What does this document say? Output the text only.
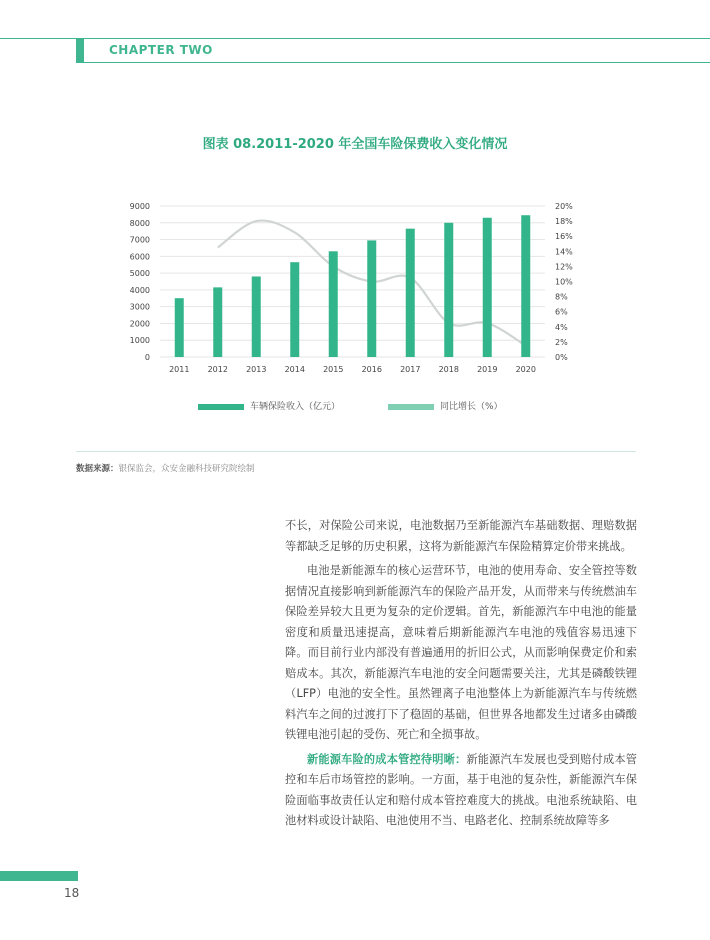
CHAPTER TWO
图表 08.2011-2020 年全国车险保费收入变化情况
0
1000
2000
3000
4000
5000
6000
7000
8000
9000
0%
2%
4%
6%
8%
10%
12%
14%
16%
18%
20%
2011 2012 2013 2014 2015 2016 2017 2018 2019 2020
车辆保险收入（亿元）	同比增长（%）
数据来源：银保监会，众安金融科技研究院绘制

不长，对保险公司来说，电池数据乃至新能源汽车基础数据、理赔数据等都缺乏足够的历史积累，这将为新能源汽车保险精算定价带来挑战。

电池是新能源车的核心运营环节，电池的使用寿命、安全管控等数据情况直接影响到新能源汽车的保险产品开发，从而带来与传统燃油车保险差异较大且更为复杂的定价逻辑。首先，新能源汽车中电池的能量密度和质量迅速提高，意味着后期新能源汽车电池的残值容易迅速下降。而目前行业内部没有普遍通用的折旧公式，从而影响保费定价和索赔成本。其次，新能源汽车电池的安全问题需要关注，尤其是磷酸铁锂（LFP）电池的安全性。虽然锂离子电池整体上为新能源汽车与传统燃料汽车之间的过渡打下了稳固的基础，但世界各地都发生过诸多由磷酸铁锂电池引起的受伤、死亡和全损事故。

新能源车险的成本管控待明晰：新能源汽车发展也受到赔付成本管控和车后市场管控的影响。一方面，基于电池的复杂性，新能源汽车保险面临事故责任认定和赔付成本管控难度大的挑战。电池系统缺陷、电池材料或设计缺陷、电池使用不当、电路老化、控制系统故障等多

18
